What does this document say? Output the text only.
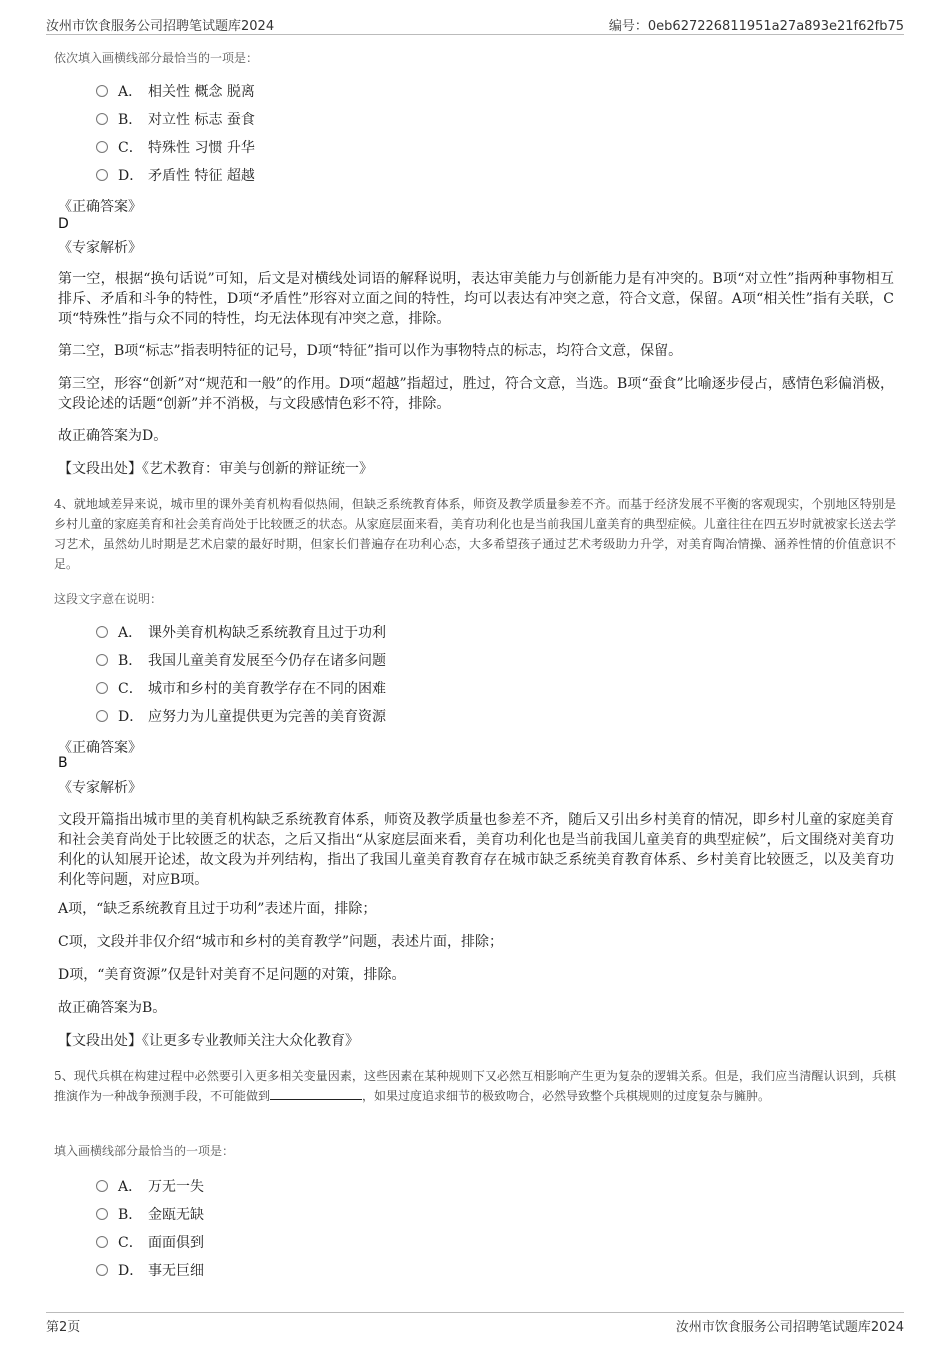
汝州市饮食服务公司招聘笔试题库2024	编号：0eb627226811951a27a893e21f62fb75
依次填入画横线部分最恰当的一项是：
A． 相关性 概念 脱离
B． 对立性 标志 蚕食
C． 特殊性 习惯 升华
D． 矛盾性 特征 超越
《正确答案》
D
《专家解析》
第一空，根据“换句话说”可知，后文是对横线处词语的解释说明，表达审美能力与创新能力是有冲突的。B项“对立性”指两种事物相互排斥、矛盾和斗争的特性，D项“矛盾性”形容对立面之间的特性，均可以表达有冲突之意，符合文意，保留。A项“相关性”指有关联，C项“特殊性”指与众不同的特性，均无法体现有冲突之意，排除。
第二空，B项“标志”指表明特征的记号，D项“特征”指可以作为事物特点的标志，均符合文意，保留。
第三空，形容“创新”对“规范和一般”的作用。D项“超越”指超过，胜过，符合文意，当选。B项“蚕食”比喻逐步侵占，感情色彩偏消极，文段论述的话题“创新”并不消极，与文段感情色彩不符，排除。
故正确答案为D。
【文段出处】《艺术教育：审美与创新的辩证统一》
4、就地域差异来说，城市里的课外美育机构看似热闹，但缺乏系统教育体系，师资及教学质量参差不齐。而基于经济发展不平衡的客观现实，个别地区特别是乡村儿童的家庭美育和社会美育尚处于比较匮乏的状态。从家庭层面来看，美育功利化也是当前我国儿童美育的典型症候。儿童往往在四五岁时就被家长送去学习艺术，虽然幼儿时期是艺术启蒙的最好时期，但家长们普遍存在功利心态，大多希望孩子通过艺术考级助力升学，对美育陶冶情操、涵养性情的价值意识不足。
这段文字意在说明：
A． 课外美育机构缺乏系统教育且过于功利
B． 我国儿童美育发展至今仍存在诸多问题
C． 城市和乡村的美育教学存在不同的困难
D． 应努力为儿童提供更为完善的美育资源
《正确答案》
B
《专家解析》
文段开篇指出城市里的美育机构缺乏系统教育体系，师资及教学质量也参差不齐，随后又引出乡村美育的情况，即乡村儿童的家庭美育和社会美育尚处于比较匮乏的状态，之后又指出“从家庭层面来看，美育功利化也是当前我国儿童美育的典型症候”，后文围绕对美育功利化的认知展开论述，故文段为并列结构，指出了我国儿童美育教育存在城市缺乏系统美育教育体系、乡村美育比较匮乏，以及美育功利化等问题，对应B项。
A项，“缺乏系统教育且过于功利”表述片面，排除；
C项，文段并非仅介绍“城市和乡村的美育教学”问题，表述片面，排除；
D项，“美育资源”仅是针对美育不足问题的对策，排除。
故正确答案为B。
【文段出处】《让更多专业教师关注大众化教育》
5、现代兵棋在构建过程中必然要引入更多相关变量因素，这些因素在某种规则下又必然互相影响产生更为复杂的逻辑关系。但是，我们应当清醒认识到，兵棋推演作为一种战争预测手段，不可能做到	，如果过度追求细节的极致吻合，必然导致整个兵棋规则的过度复杂与臃肿。
填入画横线部分最恰当的一项是：
A． 万无一失
B． 金瓯无缺
C． 面面俱到
D． 事无巨细
第2页	汝州市饮食服务公司招聘笔试题库2024
